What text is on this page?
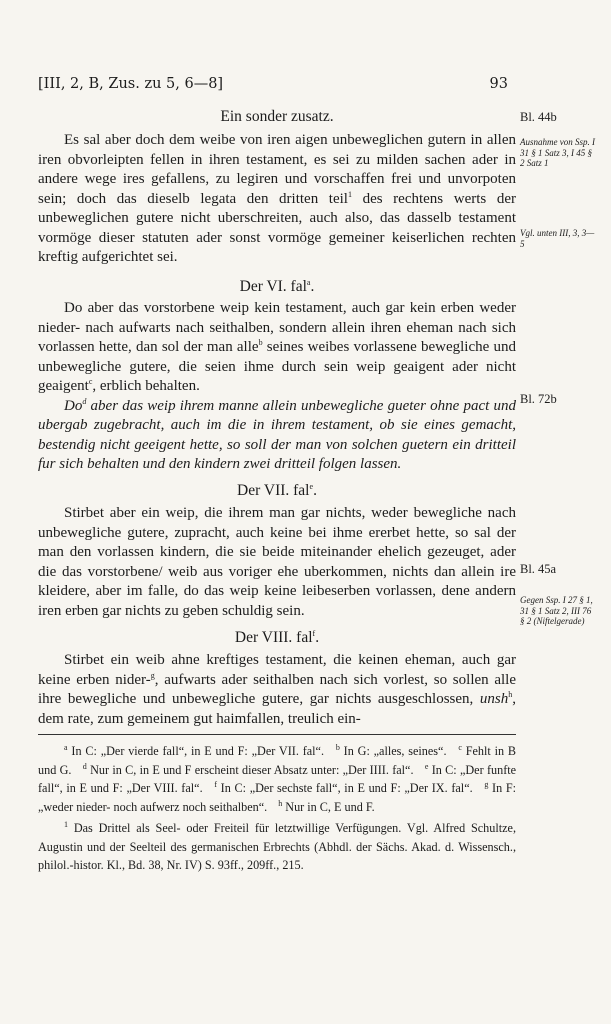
[III, 2, B, Zus. zu 5, 6—8]	93
Ein sonder zusatz.	Bl. 44b
Ausnahme von Ssp. I 31 § 1 Satz 3, I 45 § 2 Satz 1
Vgl. unten III, 3, 3—5

Es sal aber doch dem weibe von iren aigen unbeweglichen gutern in allen iren obvorleipten fellen in ihren testament, es sei zu milden sachen ader in andere wege ires gefallens, zu legiren und vorschaffen frei und unvorpoten sein; doch das dieselb legata den dritten teil$^1$ des rechtens werts der unbeweglichen gutere nicht uberschreiten, auch also, das dasselb testament vormöge dieser statuten ader sonst vormöge gemeiner keiserlichen rechten kreftig aufgerichtet sei.

Der VI. fal$^a$.

Do aber das vorstorbene weip kein testament, auch gar kein erben weder nieder- nach aufwarts nach seithalben, sondern allein ihren eheman nach sich vorlassen hette, dan sol der man alle$^b$ seines weibes vorlassene bewegliche und unbewegliche gutere, die seien ihme durch sein weip geaigent ader nicht geaigent$^c$, erblich behalten.

Do$^d$ aber das weip ihrem manne allein unbewegliche gueter ohne pact und ubergab zugebracht, auch im die in ihrem testament, ob sie eines gemacht, bestendig nicht geeigent hette, so soll der man von solchen guetern ein dritteil fur sich behalten und den kindern zwei dritteil folgen lassen.

Bl. 72b
Der VII. fal$^e$.

Stirbet aber ein weip, die ihrem man gar nichts, weder bewegliche nach unbewegliche gutere, zupracht, auch keine bei ihme ererbet hette, so sal der man den vorlassen kindern, die sie beide miteinander ehelich gezeuget, ader die das vorstorbene/ weib aus voriger ehe uberkommen, nichts dan allein ire kleidere, aber im falle, do das weip keine leibeserben vorlassen, dene andern iren erben gar nichts zu geben schuldig sein.

Bl. 45a
Gegen Ssp. I 27 § 1, 31 § 1 Satz 2, III 76 § 2 (Niftelgerade)
Der VIII. fal$^f$.

Stirbet ein weib ahne kreftiges testament, die keinen eheman, auch gar keine erben nider-$^g$, aufwarts ader seithalben nach sich vorlest, so sollen alle ihre bewegliche und unbewegliche gutere, gar nichts ausgeschlossen, unsh$^h$, dem rate, zum gemeinem gut haimfallen, treulich ein-

$^a$ In C: „Der vierde fall“, in E und F: „Der VII. fal“. $^b$ In G: „alles, seines“. $^c$ Fehlt in B und G. $^d$ Nur in C, in E und F erscheint dieser Absatz unter: „Der IIII. fal“. $^e$ In C: „Der funfte fall“, in E und F: „Der VIII. fal“. $^f$ In C: „Der sechste fall“, in E und F: „Der IX. fal“. $^g$ In F: „weder nieder- noch aufwerz noch seithalben“. $^h$ Nur in C, E und F.

$^1$ Das Drittel als Seel- oder Freiteil für letztwillige Verfügungen. Vgl. Alfred Schultze, Augustin und der Seelteil des germanischen Erbrechts (Abhdl. der Sächs. Akad. d. Wissensch., philol.-histor. Kl., Bd. 38, Nr. IV) S. 93ff., 209ff., 215.
